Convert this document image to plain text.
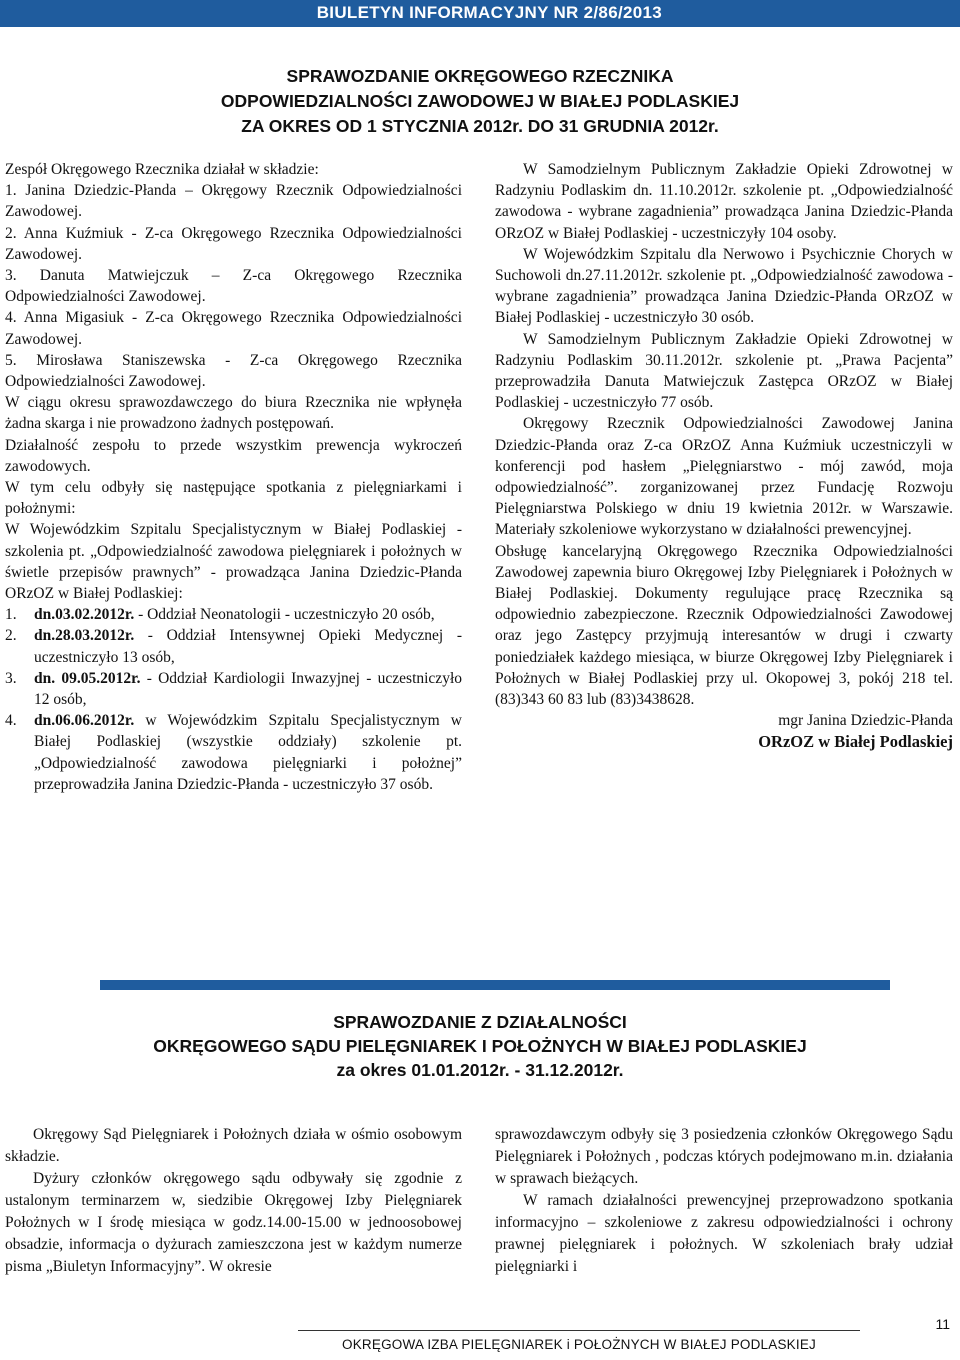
BIULETYN INFORMACYJNY NR 2/86/2013
SPRAWOZDANIE OKRĘGOWEGO RZECZNIKA
ODPOWIEDZIALNOŚCI ZAWODOWEJ W BIAŁEJ PODLASKIEJ
ZA OKRES OD 1 STYCZNIA 2012r. DO 31 GRUDNIA 2012r.

Zespół Okręgowego Rzecznika działał w składzie:

1. Janina Dziedzic-Płanda – Okręgowy Rzecznik Odpowiedzialności Zawodowej.

2. Anna Kuźmiuk - Z-ca Okręgowego Rzecznika Odpowiedzialności Zawodowej.

3. Danuta Matwiejczuk – Z-ca Okręgowego Rzecznika Odpowiedzialności Zawodowej.

4. Anna Migasiuk - Z-ca Okręgowego Rzecznika Odpowiedzialności Zawodowej.

5. Mirosława Staniszewska - Z-ca Okręgowego Rzecznika Odpowiedzialności Zawodowej.

W ciągu okresu sprawozdawczego do biura Rzecznika nie wpłynęła żadna skarga i nie prowadzono żadnych postępowań.

Działalność zespołu to przede wszystkim prewencja wykroczeń zawodowych.

W tym celu odbyły się następujące spotkania z pielęgniarkami i położnymi:

W Wojewódzkim Szpitalu Specjalistycznym w Białej Podlaskiej - szkolenia pt. „Odpowiedzialność zawodowa pielęgniarek i położnych w świetle przepisów prawnych” - prowadząca Janina Dziedzic-Płanda ORzOZ w Białej Podlaskiej:

1.	dn.03.02.2012r. - Oddział Neonatologii - uczestniczyło 20 osób,
2.	dn.28.03.2012r. - Oddział Intensywnej Opieki Medycznej - uczestniczyło 13 osób,
3.	dn. 09.05.2012r. - Oddział Kardiologii Inwazyjnej - uczestniczyło 12 osób,
4.	dn.06.06.2012r. w Wojewódzkim Szpitalu Specjalistycznym w Białej Podlaskiej (wszystkie oddziały) szkolenie pt. „Odpowiedzialność zawodowa pielęgniarki i położnej” przeprowadziła Janina Dziedzic-Płanda - uczestniczyło 37 osób.

W Samodzielnym Publicznym Zakładzie Opieki Zdrowotnej w Radzyniu Podlaskim dn. 11.10.2012r. szkolenie pt. „Odpowiedzialność zawodowa - wybrane zagadnienia” prowadząca Janina Dziedzic-Płanda ORzOZ w Białej Podlaskiej - uczestniczyły 104 osoby.

W Wojewódzkim Szpitalu dla Nerwowo i Psychicznie Chorych w Suchowoli dn.27.11.2012r. szkolenie pt. „Odpowiedzialność zawodowa - wybrane zagadnienia” prowadząca Janina Dziedzic-Płanda ORzOZ w Białej Podlaskiej - uczestniczyło 30 osób.

W Samodzielnym Publicznym Zakładzie Opieki Zdrowotnej w Radzyniu Podlaskim 30.11.2012r. szkolenie pt. „Prawa Pacjenta” przeprowadziła Danuta Matwiejczuk Zastępca ORzOZ w Białej Podlaskiej - uczestniczyło 77 osób.

Okręgowy Rzecznik Odpowiedzialności Zawodowej Janina Dziedzic-Płanda oraz Z-ca ORzOZ Anna Kuźmiuk uczestniczyli w konferencji pod hasłem „Pielęgniarstwo - mój zawód, moja odpowiedzialność”. zorganizowanej przez Fundację Rozwoju Pielęgniarstwa Polskiego w dniu 19 kwietnia 2012r. w Warszawie. Materiały szkoleniowe wykorzystano w działalności prewencyjnej.

Obsługę kancelaryjną Okręgowego Rzecznika Odpowiedzialności Zawodowej zapewnia biuro Okręgowej Izby Pielęgniarek i Położnych w Białej Podlaskiej. Dokumenty regulujące pracę Rzecznika są odpowiednio zabezpieczone. Rzecznik Odpowiedzialności Zawodowej oraz jego Zastępcy przyjmują interesantów w drugi i czwarty poniedziałek każdego miesiąca, w biurze Okręgowej Izby Pielęgniarek i Położnych w Białej Podlaskiej przy ul. Okopowej 3, pokój 218 tel. (83)343 60 83 lub (83)3438628.

mgr Janina Dziedzic-Płanda

ORzOZ w Białej Podlaskiej

SPRAWOZDANIE Z DZIAŁALNOŚCI
OKRĘGOWEGO SĄDU PIELĘGNIAREK I POŁOŻNYCH W BIAŁEJ PODLASKIEJ
za okres 01.01.2012r. - 31.12.2012r.

Okręgowy Sąd Pielęgniarek i Położnych działa w ośmio osobowym składzie.

Dyżury członków okręgowego sądu odbywały się zgodnie z ustalonym terminarzem w, siedzibie Okręgowej Izby Pielęgniarek Położnych w I środę miesiąca w godz.14.00-15.00 w jednoosobowej obsadzie, informacja o dyżurach zamieszczona jest w każdym numerze pisma „Biuletyn Informacyjny”. W okresie

sprawozdawczym odbyły się 3 posiedzenia członków Okręgowego Sądu Pielęgniarek i Położnych , podczas których podejmowano m.in. działania w sprawach bieżących.

W ramach działalności prewencyjnej przeprowadzono spotkania informacyjno – szkoleniowe z zakresu odpowiedzialności i ochrony prawnej pielęgniarek i położnych. W szkoleniach brały udział pielęgniarki i

11
OKRĘGOWA IZBA PIELĘGNIAREK i POŁOŻNYCH W BIAŁEJ PODLASKIEJ
